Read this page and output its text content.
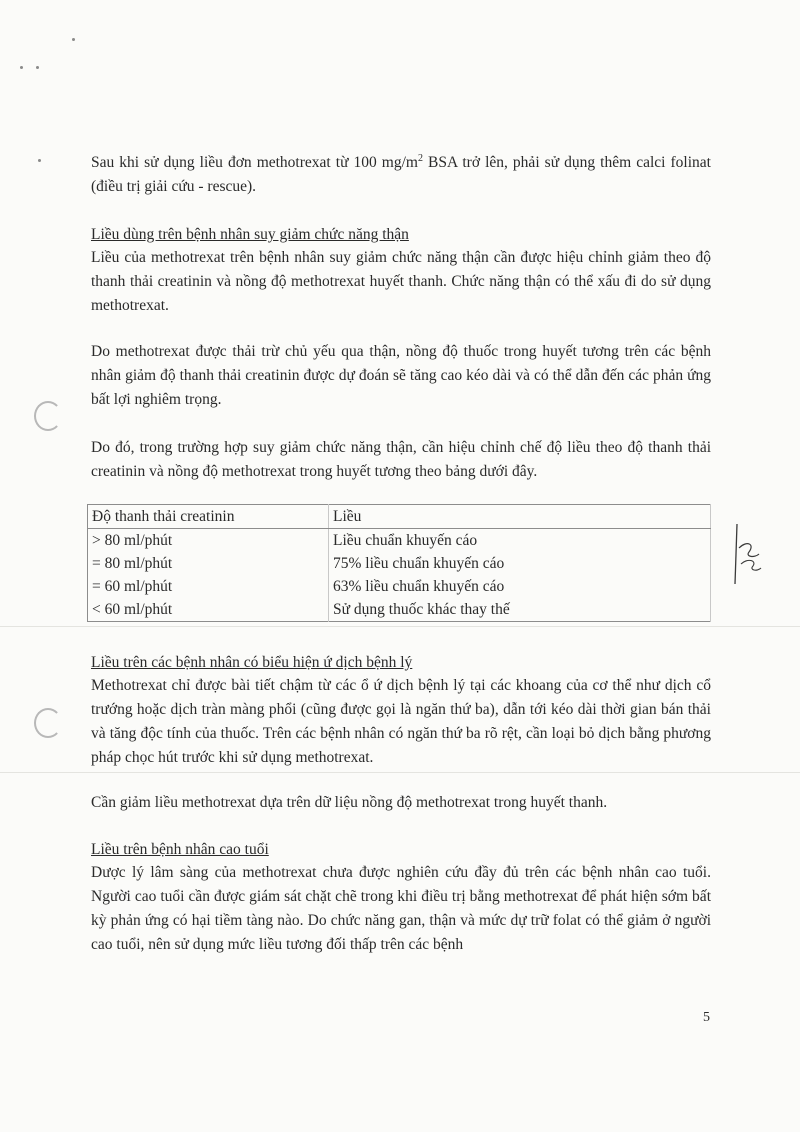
Sau khi sử dụng liều đơn methotrexat từ 100 $mg/m^2$ BSA trở lên, phải sử dụng thêm calci folinat (điều trị giải cứu - rescue).
Liều dùng trên bệnh nhân suy giảm chức năng thận
Liều của methotrexat trên bệnh nhân suy giảm chức năng thận cần được hiệu chỉnh giảm theo độ thanh thải creatinin và nồng độ methotrexat huyết thanh. Chức năng thận có thể xấu đi do sử dụng methotrexat.
Do methotrexat được thải trừ chủ yếu qua thận, nồng độ thuốc trong huyết tương trên các bệnh nhân giảm độ thanh thải creatinin được dự đoán sẽ tăng cao kéo dài và có thể dẫn đến các phản ứng bất lợi nghiêm trọng.
Do đó, trong trường hợp suy giảm chức năng thận, cần hiệu chỉnh chế độ liều theo độ thanh thải creatinin và nồng độ methotrexat trong huyết tương theo bảng dưới đây.
Độ thanh thải creatinin	Liều
> 80 ml/phút	Liều chuẩn khuyến cáo
= 80 ml/phút	75% liều chuẩn khuyến cáo
= 60 ml/phút	63% liều chuẩn khuyến cáo
< 60 ml/phút	Sử dụng thuốc khác thay thế
Liều trên các bệnh nhân có biểu hiện ứ dịch bệnh lý
Methotrexat chỉ được bài tiết chậm từ các ổ ứ dịch bệnh lý tại các khoang của cơ thể như dịch cổ trướng hoặc dịch tràn màng phổi (cũng được gọi là ngăn thứ ba), dẫn tới kéo dài thời gian bán thải và tăng độc tính của thuốc. Trên các bệnh nhân có ngăn thứ ba rõ rệt, cần loại bỏ dịch bằng phương pháp chọc hút trước khi sử dụng methotrexat.
Cần giảm liều methotrexat dựa trên dữ liệu nồng độ methotrexat trong huyết thanh.
Liều trên bệnh nhân cao tuổi
Dược lý lâm sàng của methotrexat chưa được nghiên cứu đầy đủ trên các bệnh nhân cao tuổi. Người cao tuổi cần được giám sát chặt chẽ trong khi điều trị bằng methotrexat để phát hiện sớm bất kỳ phản ứng có hại tiềm tàng nào. Do chức năng gan, thận và mức dự trữ folat có thể giảm ở người cao tuổi, nên sử dụng mức liều tương đối thấp trên các bệnh
5
